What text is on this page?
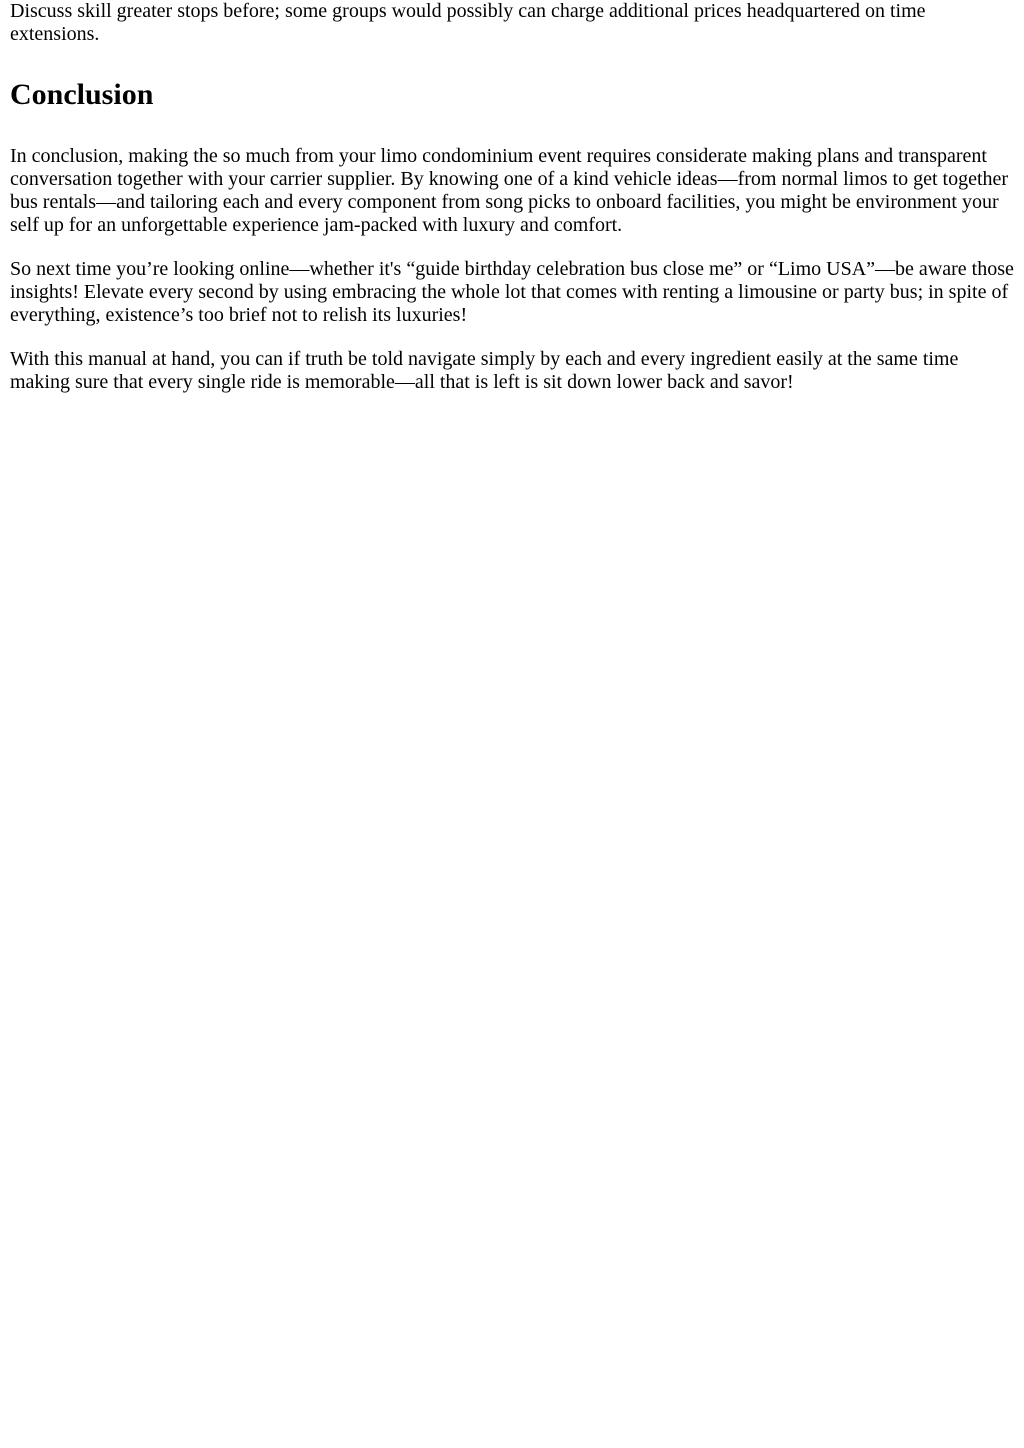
Discuss skill greater stops before; some groups would possibly can charge additional prices headquartered on time extensions.

Conclusion

In conclusion, making the so much from your limo condominium event requires considerate making plans and transparent conversation together with your carrier supplier. By knowing one of a kind vehicle ideas—from normal limos to get together bus rentals—and tailoring each and every component from song picks to onboard facilities, you might be environment your self up for an unforgettable experience jam-packed with luxury and comfort.

So next time you’re looking online—whether it's “guide birthday celebration bus close me” or “Limo USA”—be aware those insights! Elevate every second by using embracing the whole lot that comes with renting a limousine or party bus; in spite of everything, existence’s too brief not to relish its luxuries!

With this manual at hand, you can if truth be told navigate simply by each and every ingredient easily at the same time making sure that every single ride is memorable—all that is left is sit down lower back and savor!
